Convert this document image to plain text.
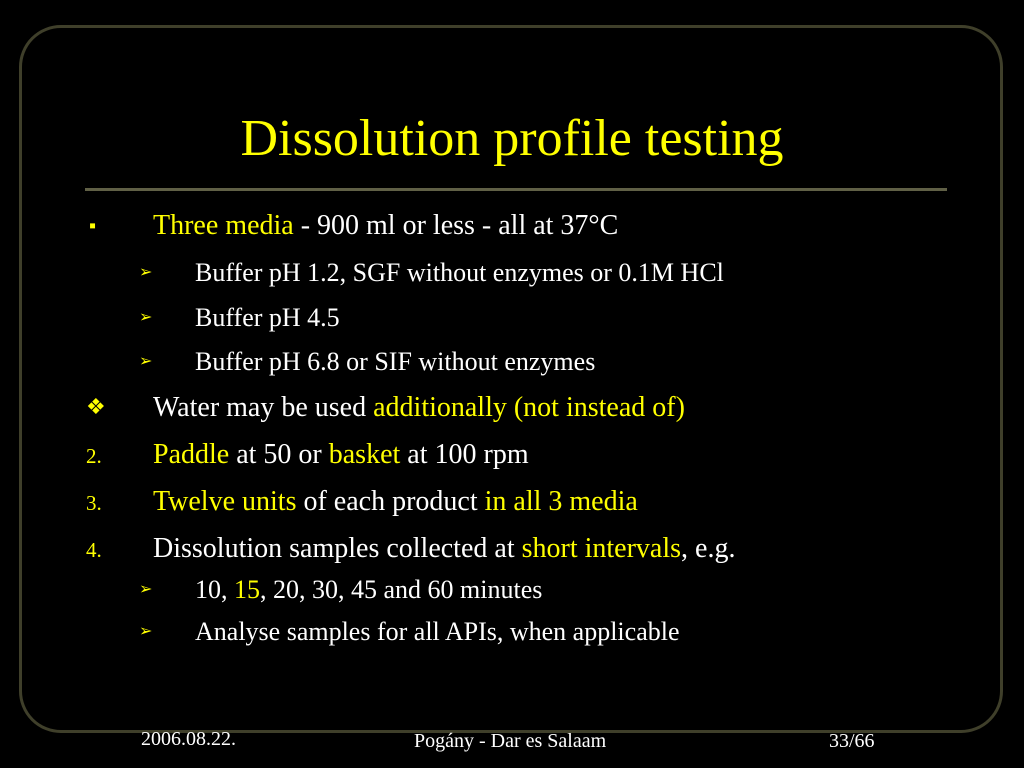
Dissolution profile testing
▪ Three media - 900 ml or less - all at 37°C
➢ Buffer pH 1.2, SGF without enzymes or 0.1M HCl
➢ Buffer pH 4.5
➢ Buffer pH 6.8 or SIF without enzymes
❖ Water may be used additionally (not instead of)
2. Paddle at 50 or basket at 100 rpm
3. Twelve units of each product in all 3 media
4. Dissolution samples collected at short intervals, e.g.
➢ 10, 15, 20, 30, 45 and 60 minutes
➢ Analyse samples for all APIs, when applicable
2006.08.22.	Pogány - Dar es Salaam	33/66
